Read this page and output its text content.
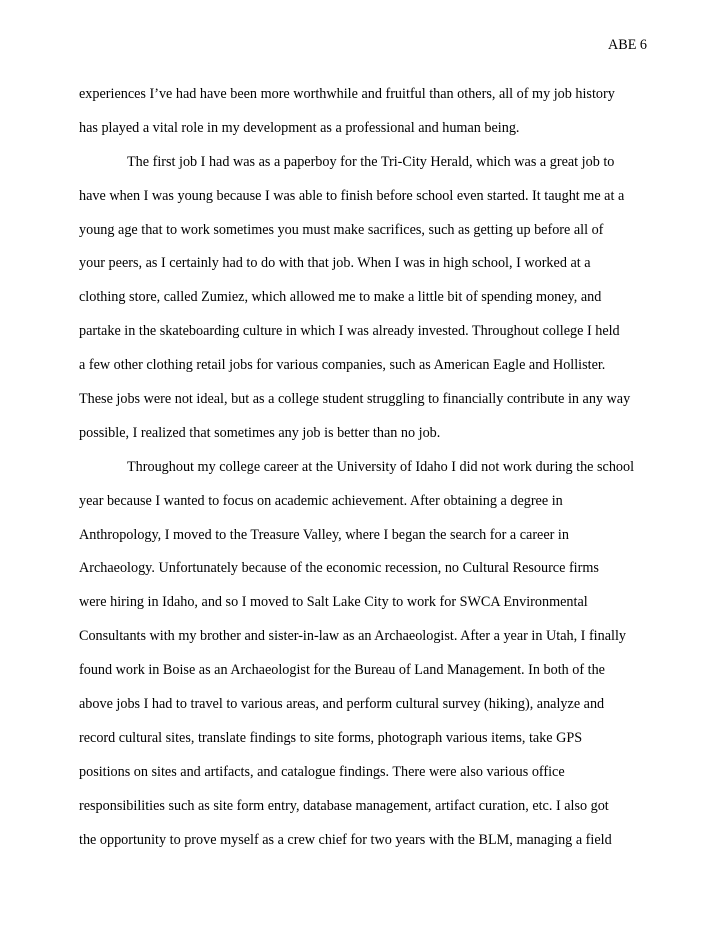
ABE 6
experiences I’ve had have been more worthwhile and fruitful than others, all of my job history
has played a vital role in my development as a professional and human being.
The first job I had was as a paperboy for the Tri-City Herald, which was a great job to
have when I was young because I was able to finish before school even started. It taught me at a
young age that to work sometimes you must make sacrifices, such as getting up before all of
your peers, as I certainly had to do with that job. When I was in high school, I worked at a
clothing store, called Zumiez, which allowed me to make a little bit of spending money, and
partake in the skateboarding culture in which I was already invested. Throughout college I held
a few other clothing retail jobs for various companies, such as American Eagle and Hollister.
These jobs were not ideal, but as a college student struggling to financially contribute in any way
possible, I realized that sometimes any job is better than no job.
Throughout my college career at the University of Idaho I did not work during the school
year because I wanted to focus on academic achievement. After obtaining a degree in
Anthropology, I moved to the Treasure Valley, where I began the search for a career in
Archaeology. Unfortunately because of the economic recession, no Cultural Resource firms
were hiring in Idaho, and so I moved to Salt Lake City to work for SWCA Environmental
Consultants with my brother and sister-in-law as an Archaeologist. After a year in Utah, I finally
found work in Boise as an Archaeologist for the Bureau of Land Management. In both of the
above jobs I had to travel to various areas, and perform cultural survey (hiking), analyze and
record cultural sites, translate findings to site forms, photograph various items, take GPS
positions on sites and artifacts, and catalogue findings. There were also various office
responsibilities such as site form entry, database management, artifact curation, etc. I also got
the opportunity to prove myself as a crew chief for two years with the BLM, managing a field
